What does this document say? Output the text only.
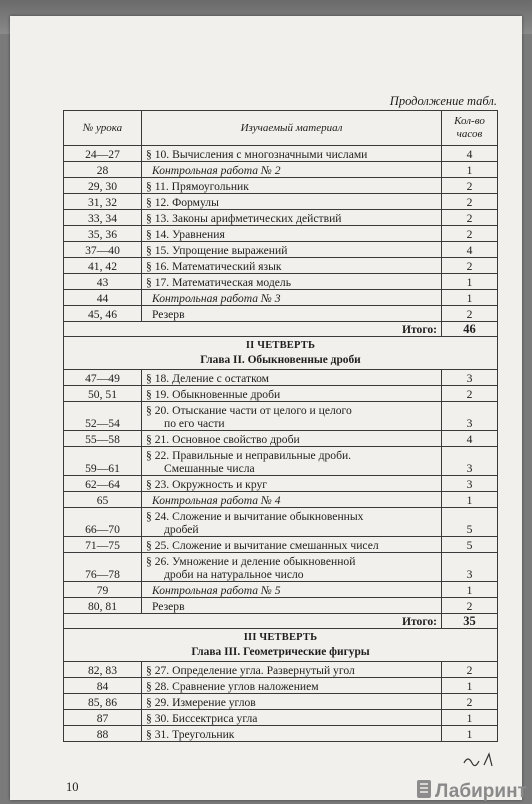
Продолжение табл.
№ урока	Изучаемый материал	Кол-во часов
24—27	§ 10. Вычисления с многозначными числами	4
28	Контрольная работа № 2	1
29, 30	§ 11. Прямоугольник	2
31, 32	§ 12. Формулы	2
33, 34	§ 13. Законы арифметических действий	2
35, 36	§ 14. Уравнения	2
37—40	§ 15. Упрощение выражений	4
41, 42	§ 16. Математический язык	2
43	§ 17. Математическая модель	1
44	Контрольная работа № 3	1
45, 46	Резерв	2
Итого:		46

II ЧЕТВЕРТЬ
Глава II. Обыкновенные дроби		

47—49	§ 18. Деление с остатком	3
50, 51	§ 19. Обыкновенные дроби	2
52—54	§ 20. Отыскание части от целого и целого
по его части	3
55—58	§ 21. Основное свойство дроби	4
59—61	§ 22. Правильные и неправильные дроби.
Смешанные числа	3
62—64	§ 23. Окружность и круг	3
65	Контрольная работа № 4	1
66—70	§ 24. Сложение и вычитание обыкновенных
дробей	5
71—75	§ 25. Сложение и вычитание смешанных чисел	5
76—78	§ 26. Умножение и деление обыкновенной
дроби на натуральное число	3
79	Контрольная работа № 5	1
80, 81	Резерв	2
Итого:		35

III ЧЕТВЕРТЬ
Глава III. Геометрические фигуры		

82, 83	§ 27. Определение угла. Развернутый угол	2
84	§ 28. Сравнение углов наложением	1
85, 86	§ 29. Измерение углов	2
87	§ 30. Биссектриса угла	1
88	§ 31. Треугольник	1
10	Лабиринт
